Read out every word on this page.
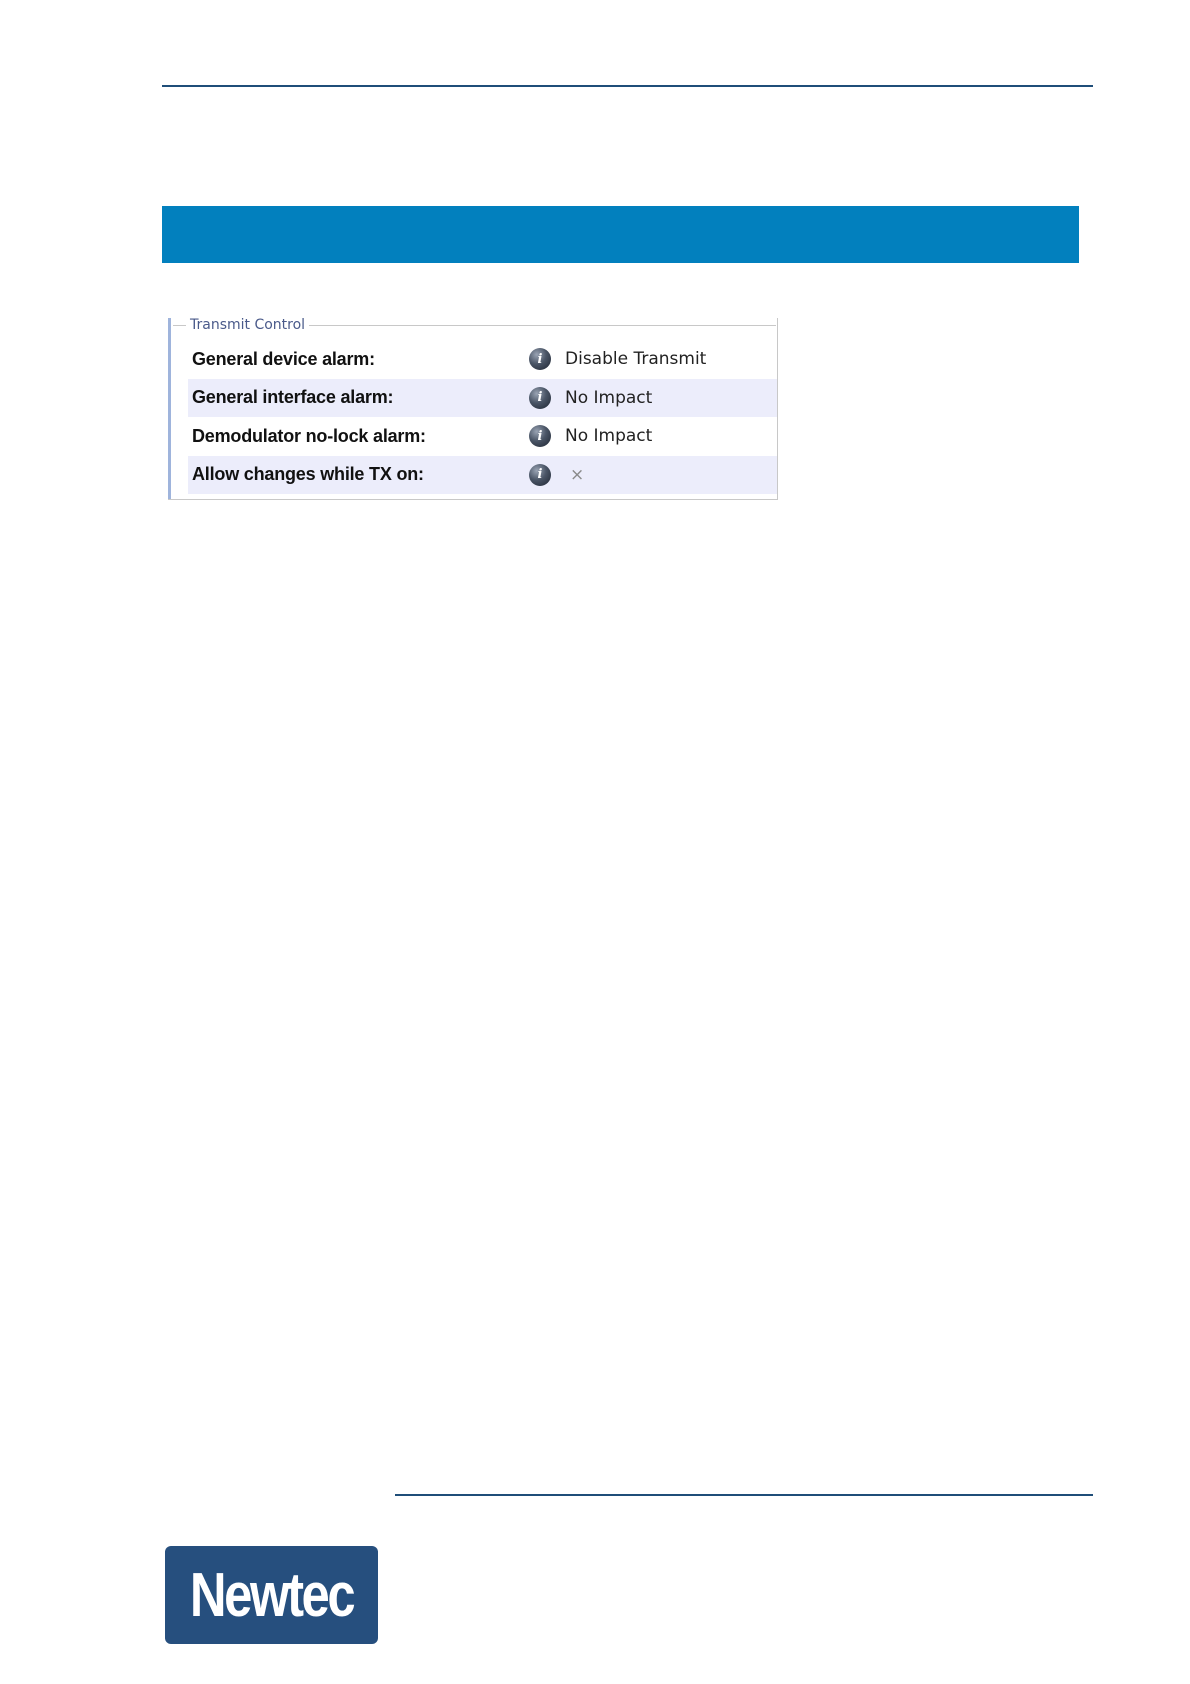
Transmit Control
General device alarm:	i	Disable Transmit
General interface alarm:	i	No Impact
Demodulator no-lock alarm:	i	No Impact
Allow changes while TX on:	i	×
Newtec
